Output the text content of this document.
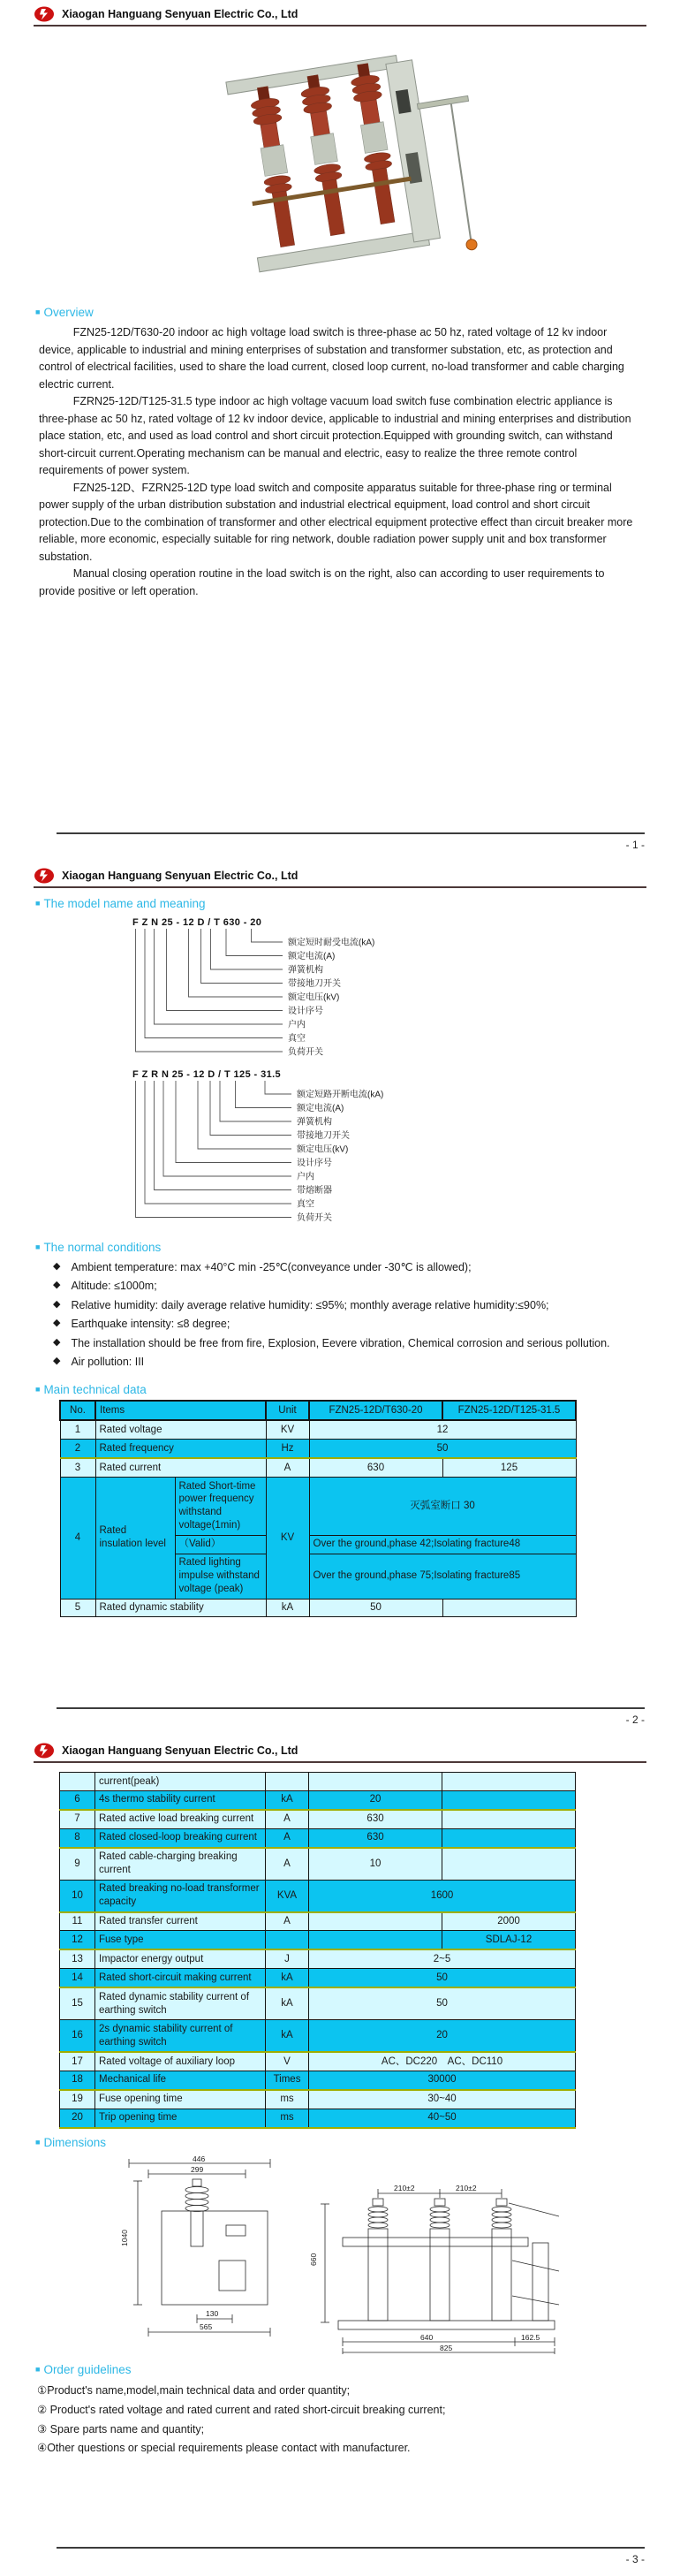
Xiaogan Hanguang Senyuan Electric Co., Ltd
■ Overview

FZN25-12D/T630-20 indoor ac high voltage load switch is three-phase ac 50 hz, rated voltage of 12 kv indoor device, applicable to industrial and mining enterprises of substation and transformer substation, etc, as protection and control of electrical facilities, used to share the load current, closed loop current, no-load transformer and cable charging electric current.

FZRN25-12D/T125-31.5 type indoor ac high voltage vacuum load switch fuse combination electric appliance is three-phase ac 50 hz, rated voltage of 12 kv indoor device, applicable to industrial and mining enterprises and distribution place station, etc, and used as load control and short circuit protection.Equipped with grounding switch, can withstand short-circuit current.Operating mechanism can be manual and electric, easy to realize the three remote control requirements of power system.

FZN25-12D、FZRN25-12D type load switch and composite apparatus suitable for three-phase ring or terminal power supply of the urban distribution substation and industrial electrical equipment, load control and short circuit protection.Due to the combination of transformer and other electrical equipment protective effect than circuit breaker more reliable, more economic, especially suitable for ring network, double radiation power supply unit and box transformer substation.

Manual closing operation routine in the load switch is on the right, also can according to user requirements to provide positive or left operation.

- 1 -
Xiaogan Hanguang Senyuan Electric Co., Ltd
■ The model name and meaning
F Z N 25 - 12 D / T 630 - 20
额定短时耐受电流(kA)
额定电流(A)
弹簧机构
带接地刀开关
额定电压(kV)
设计序号
户内
真空
负荷开关
F Z R N 25 - 12 D / T 125 - 31.5
额定短路开断电流(kA)
额定电流(A)
弹簧机构
带接地刀开关
额定电压(kV)
设计序号
户内
带熔断器
真空
负荷开关
■ The normal conditions
◆ Ambient temperature: max +40°C min -25℃(conveyance under -30℃ is allowed);
◆ Altitude: ≤1000m;
◆ Relative humidity: daily average relative humidity: ≤95%; monthly average relative humidity:≤90%;
◆ Earthquake intensity: ≤8 degree;
◆ The installation should be free from fire, Explosion, Eevere vibration, Chemical corrosion and serious pollution.
◆ Air pollution: III
■ Main technical data
No.	Items		Unit	FZN25-12D/T630-20	FZN25-12D/T125-31.5
1	Rated voltage		KV	12	
2	Rated frequency		Hz	50	
3	Rated current		A	630	125
4	Rated insulation level	Rated Short-time power frequency withstand voltage(1min)	KV	灭弧室断口 30	
		（Valid）		Over the ground,phase 42;Isolating fracture48	
		Rated lighting impulse withstand voltage (peak)		Over the ground,phase 75;Isolating fracture85	
5	Rated dynamic stability		kA	50	
- 2 -
Xiaogan Hanguang Senyuan Electric Co., Ltd
	current(peak)			
6	4s thermo stability current	kA	20	
7	Rated active load breaking current	A	630	
8	Rated closed-loop breaking current	A	630	
9	Rated cable-charging breaking current	A	10	
10	Rated breaking no-load transformer capacity	KVA	1600	
11	Rated transfer current	A		2000
12	Fuse type			SDLAJ-12
13	Impactor energy output	J	2~5	
14	Rated short-circuit making current	kA	50	
15	Rated dynamic stability current of earthing switch	kA	50	
16	2s dynamic stability current of earthing switch	kA	20	
17	Rated voltage of auxiliary loop	V	AC、DC220　AC、DC110	
18	Mechanical life	Times	30000	
19	Fuse opening time	ms	30~40	
20	Trip opening time	ms	40~50	
■ Dimensions
446
299
1040
130
565
210±2	210±2
660
640	162.5
825
■ Order guidelines
①Product's name,model,main technical data and order quantity;
② Product's rated voltage and rated current and rated short-circuit breaking current;
③ Spare parts name and quantity;
④Other questions or special requirements please contact with manufacturer.
- 3 -
